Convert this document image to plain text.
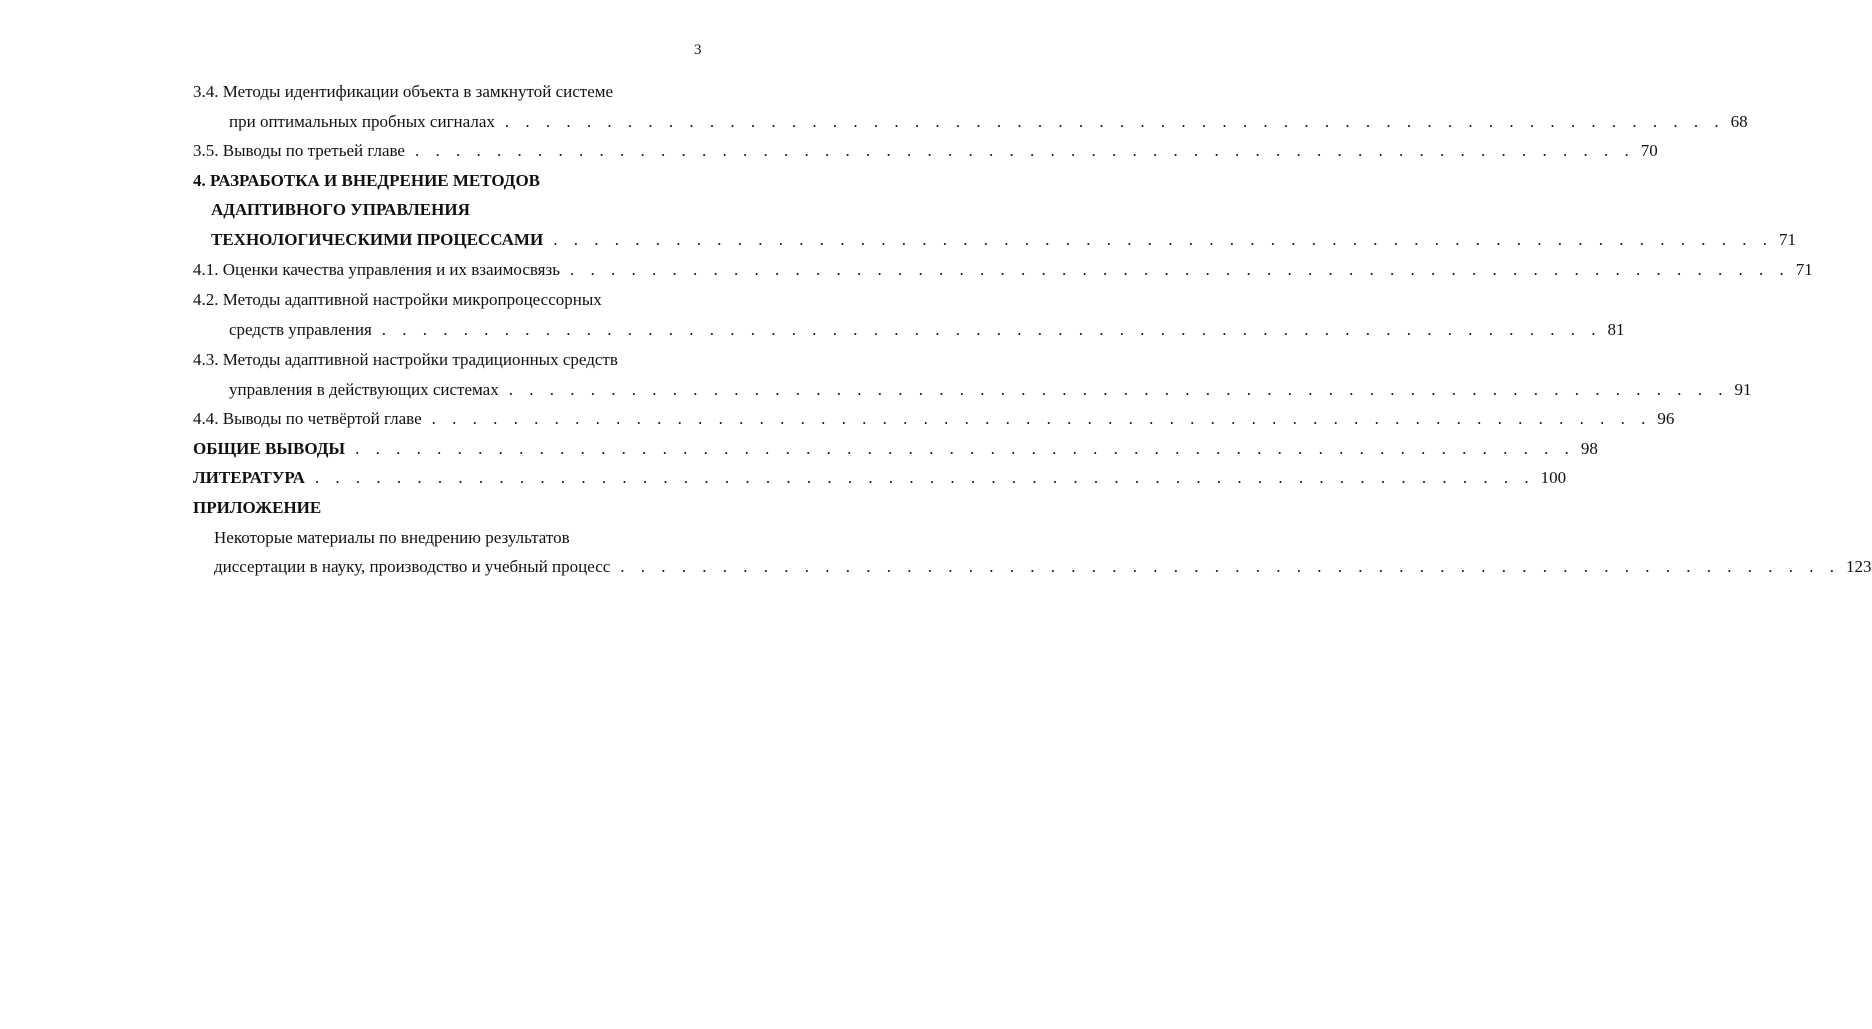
3
3.4. Методы идентификации объекта в замкнутой системе
при оптимальных пробных сигналах . . . . . . . . . . . . . . . . . . . . . . . . . . . . . . . . . . . . . . . . . . . . . . . . . . . . . . . . . . . . 68
3.5. Выводы по третьей главе . . . . . . . . . . . . . . . . . . . . . . . . . . . . . . . . . . . . . . . . . . . . . . . . . . . . . . . . . . . . 70
4. РАЗРАБОТКА И ВНЕДРЕНИЕ МЕТОДОВ
АДАПТИВНОГО УПРАВЛЕНИЯ
ТЕХНОЛОГИЧЕСКИМИ ПРОЦЕССАМИ . . . . . . . . . . . . . . . . . . . . . . . . . . . . . . . . . . . . . . . . . . . . . . . . . . . . . . . . . . . . 71
4.1. Оценки качества управления и их взаимосвязь . . . . . . . . . . . . . . . . . . . . . . . . . . . . . . . . . . . . . . . . . . . . . . . . . . . . . . . . . . . . 71
4.2. Методы адаптивной настройки микропроцессорных
средств управления . . . . . . . . . . . . . . . . . . . . . . . . . . . . . . . . . . . . . . . . . . . . . . . . . . . . . . . . . . . . 81
4.3. Методы адаптивной настройки традиционных средств
управления в действующих системах . . . . . . . . . . . . . . . . . . . . . . . . . . . . . . . . . . . . . . . . . . . . . . . . . . . . . . . . . . . . 91
4.4. Выводы по четвёртой главе . . . . . . . . . . . . . . . . . . . . . . . . . . . . . . . . . . . . . . . . . . . . . . . . . . . . . . . . . . . . 96
ОБЩИЕ ВЫВОДЫ . . . . . . . . . . . . . . . . . . . . . . . . . . . . . . . . . . . . . . . . . . . . . . . . . . . . . . . . . . . . 98
ЛИТЕРАТУРА . . . . . . . . . . . . . . . . . . . . . . . . . . . . . . . . . . . . . . . . . . . . . . . . . . . . . . . . . . . . 100
ПРИЛОЖЕНИЕ
Некоторые материалы по внедрению результатов
диссертации в науку, производство и учебный процесс . . . . . . . . . . . . . . . . . . . . . . . . . . . . . . . . . . . . . . . . . . . . . . . . . . . . . . . . . . . . 123
